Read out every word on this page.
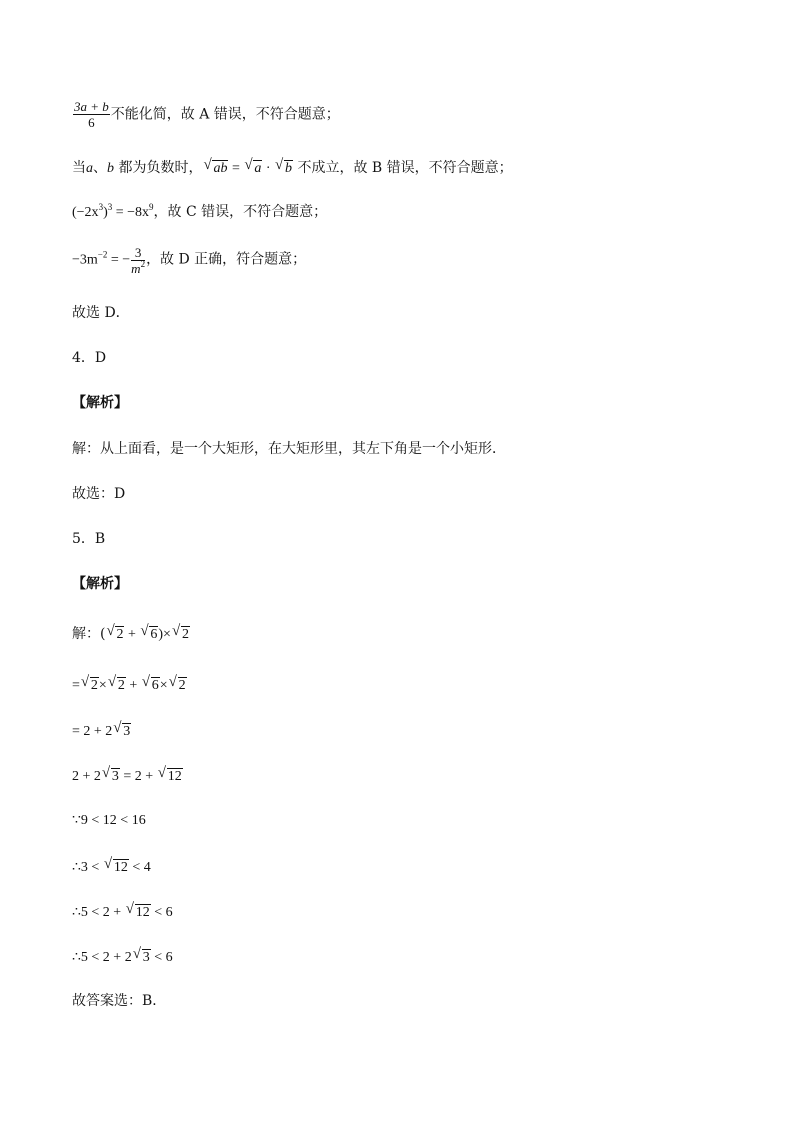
$\frac{3a + b}{6}$ 不能化简，故 A 错误，不符合题意；
当a、b 都为负数时， √ ab = √ a · √ b 不成立，故 B 错误，不符合题意；
$(-2x^3)^3 = -8x^9$，故 C 错误，不符合题意；
$-3m^{-2}$ = − $\frac{3}{m^2}$ ，故 D 正确，符合题意；
故选 D．
4．D
【解析】
解：从上面看，是一个大矩形，在大矩形里，其左下角是一个小矩形．
故选：D
5．B
【解析】
解：( √ 2 + √ 6)× √ 2
= √ 2× √ 2 + √ 6× √ 2
= 2 + 2 √ 3
2 + 2 √ 3 = 2 + √ 12
∵9 < 12 < 16
∴3 < √ 12 < 4
∴5 < 2 + √ 12 < 6
∴5 < 2 + 2 √ 3 < 6
故答案选：B．
